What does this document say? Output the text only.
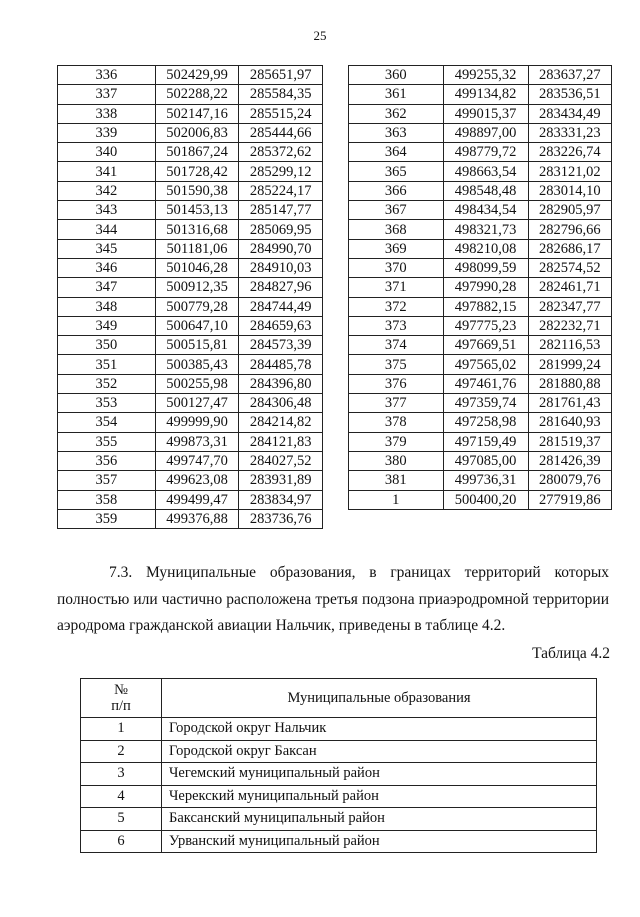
25
336	502429,99	285651,97
337	502288,22	285584,35
338	502147,16	285515,24
339	502006,83	285444,66
340	501867,24	285372,62
341	501728,42	285299,12
342	501590,38	285224,17
343	501453,13	285147,77
344	501316,68	285069,95
345	501181,06	284990,70
346	501046,28	284910,03
347	500912,35	284827,96
348	500779,28	284744,49
349	500647,10	284659,63
350	500515,81	284573,39
351	500385,43	284485,78
352	500255,98	284396,80
353	500127,47	284306,48
354	499999,90	284214,82
355	499873,31	284121,83
356	499747,70	284027,52
357	499623,08	283931,89
358	499499,47	283834,97
359	499376,88	283736,76
360	499255,32	283637,27
361	499134,82	283536,51
362	499015,37	283434,49
363	498897,00	283331,23
364	498779,72	283226,74
365	498663,54	283121,02
366	498548,48	283014,10
367	498434,54	282905,97
368	498321,73	282796,66
369	498210,08	282686,17
370	498099,59	282574,52
371	497990,28	282461,71
372	497882,15	282347,77
373	497775,23	282232,71
374	497669,51	282116,53
375	497565,02	281999,24
376	497461,76	281880,88
377	497359,74	281761,43
378	497258,98	281640,93
379	497159,49	281519,37
380	497085,00	281426,39
381	499736,31	280079,76
1	500400,20	277919,86

7.3. Муниципальные образования, в границах территорий которых полностью или частично расположена третья подзона приаэродромной территории аэродрома гражданской авиации Нальчик, приведены в таблице 4.2.

Таблица 4.2
№
п/п	Муниципальные образования
1	Городской округ Нальчик
2	Городской округ Баксан
3	Чегемский муниципальный район
4	Черекский муниципальный район
5	Баксанский муниципальный район
6	Урванский муниципальный район
